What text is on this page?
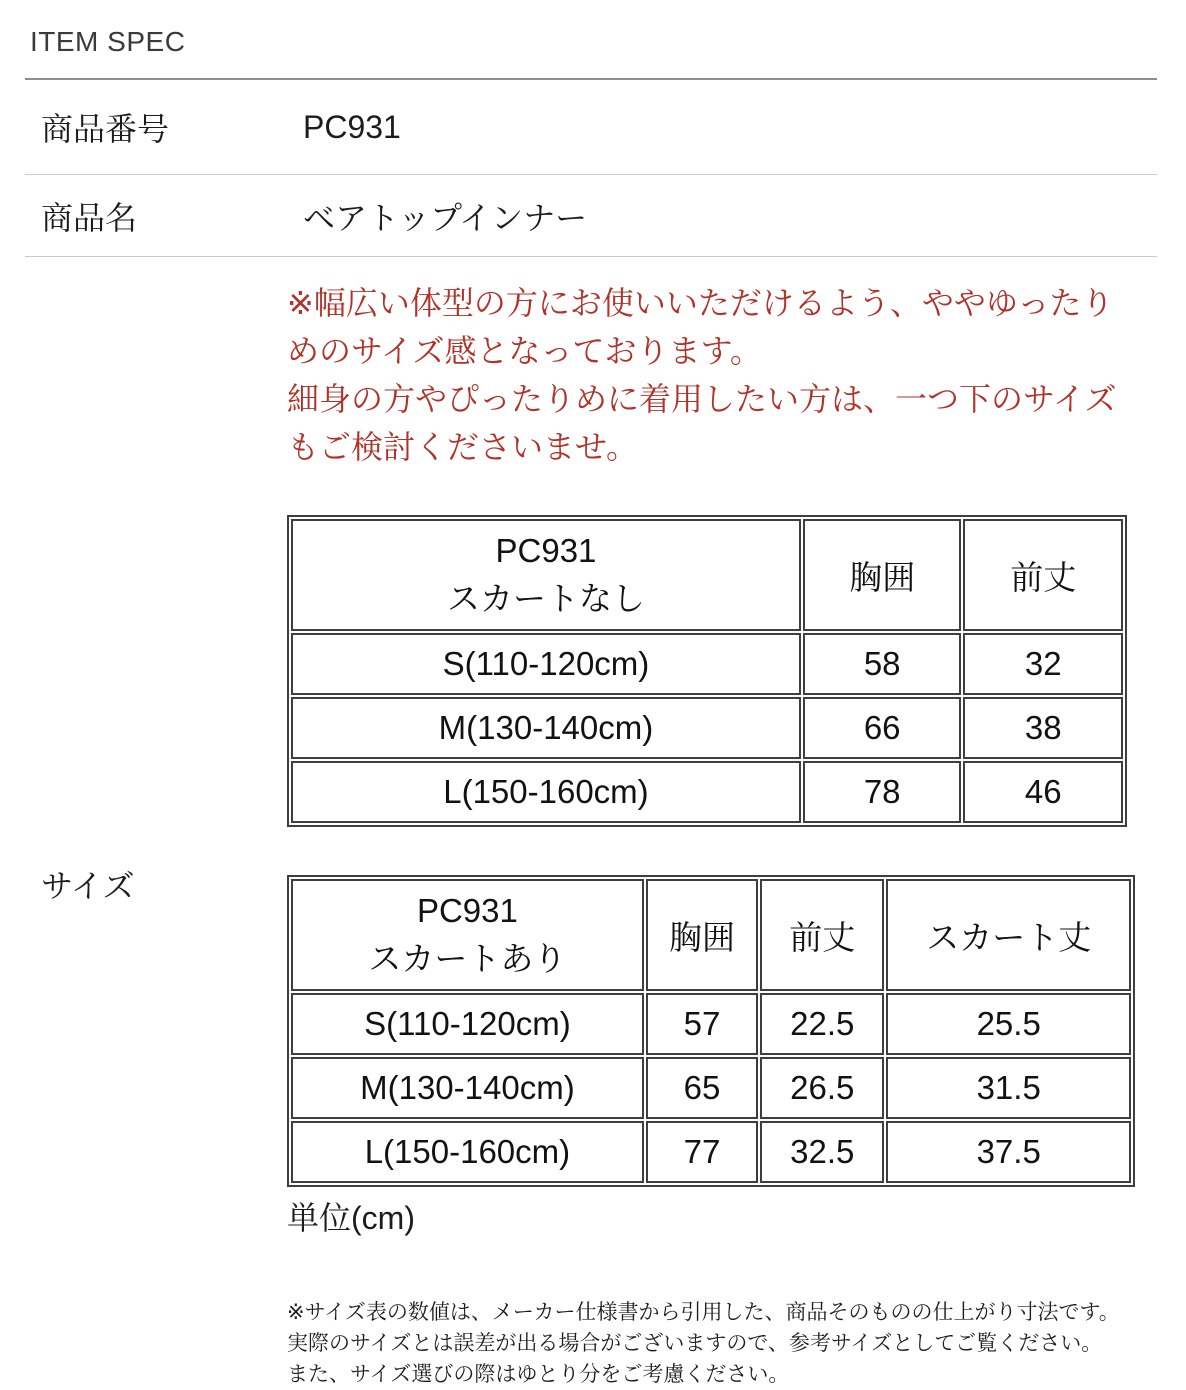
ITEM SPEC
商品番号	PC931
商品名	ベアトップインナー
サイズ
※幅広い体型の方にお使いいただけるよう、ややゆったり
めのサイズ感となっております。
細身の方やぴったりめに着用したい方は、一つ下のサイズ
もご検討くださいませ。
PC931
スカートなし	胸囲	前丈
S(110-120cm)	58	32
M(130-140cm)	66	38
L(150-160cm)	78	46
PC931
スカートあり	胸囲	前丈	スカート丈
S(110-120cm)	57	22.5	25.5
M(130-140cm)	65	26.5	31.5
L(150-160cm)	77	32.5	37.5
単位(cm)
※サイズ表の数値は、メーカー仕様書から引用した、商品そのものの仕上がり寸法です。
実際のサイズとは誤差が出る場合がございますので、参考サイズとしてご覧ください。
また、サイズ選びの際はゆとり分をご考慮ください。
